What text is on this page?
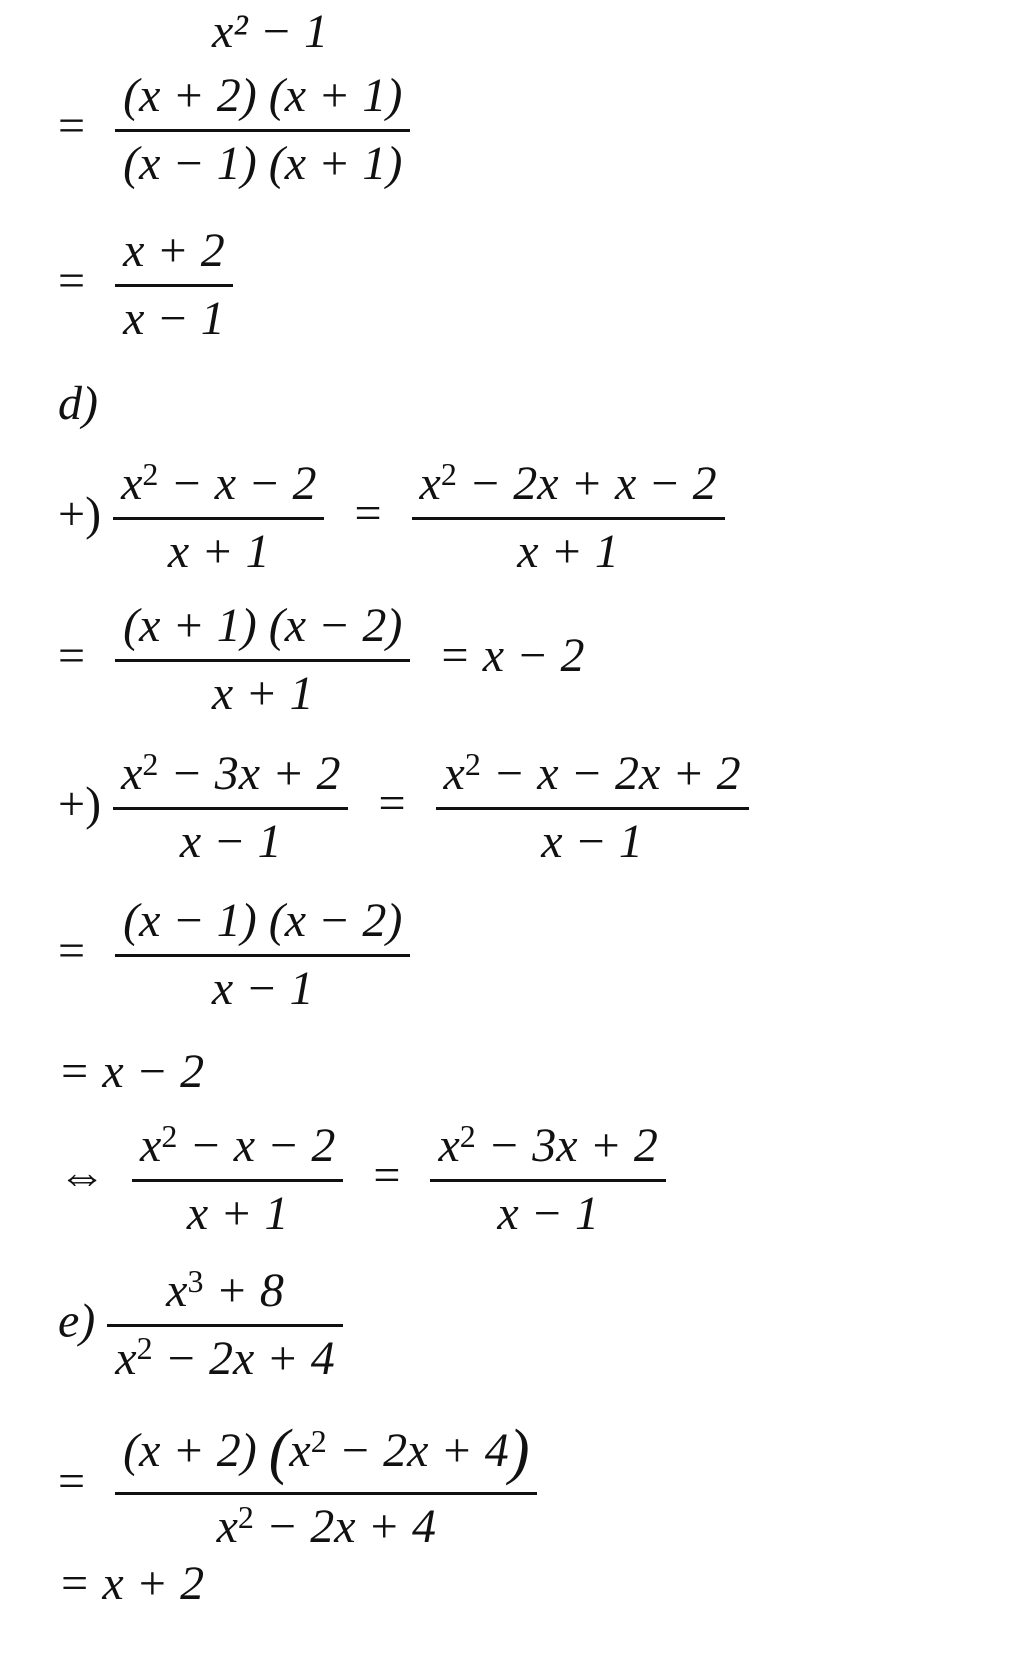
x² − 1
= $\frac{(x + 2) (x + 1)}{(x - 1) (x + 1)}$
= $\frac{x + 2}{x - 1}$
d)
+) $\frac{x^2 - x - 2}{x + 1} = \frac{x^2 - 2x + x - 2}{x + 1}$
= $\frac{(x + 1) (x - 2)}{x + 1} = x - 2$
+) $\frac{x^2 - 3x + 2}{x - 1} = \frac{x^2 - x - 2x + 2}{x - 1}$
= $\frac{(x - 1) (x - 2)}{x - 1}$
= x − 2
⇔ $\frac{x^2 - x - 2}{x + 1} = \frac{x^2 - 3x + 2}{x - 1}$
$e) \frac{x^3 + 8}{x^2 - 2x + 4}$
= $\frac{(x + 2) (x^2 - 2x + 4)}{x^2 - 2x + 4}$
= x + 2
